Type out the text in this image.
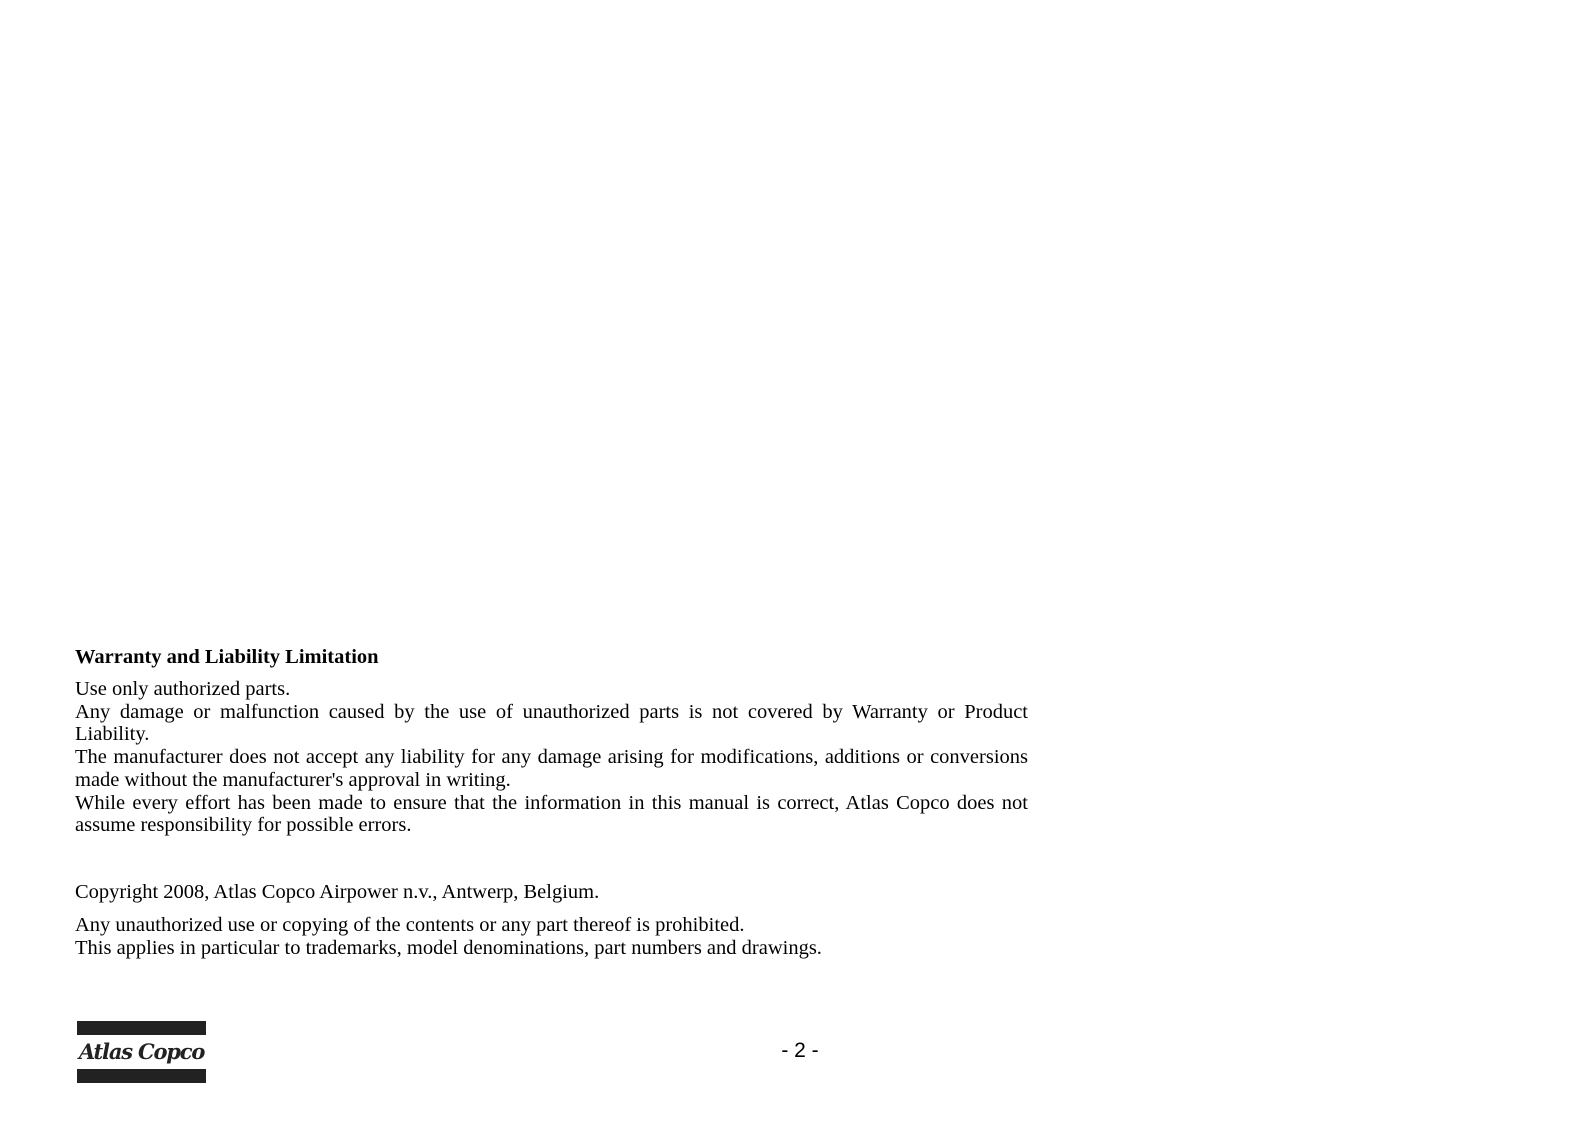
Warranty and Liability Limitation

Use only authorized parts.

Any damage or malfunction caused by the use of unauthorized parts is not covered by Warranty or Product Liability.

The manufacturer does not accept any liability for any damage arising for modifications, additions or conversions made without the manufacturer's approval in writing.

While every effort has been made to ensure that the information in this manual is correct, Atlas Copco does not assume responsibility for possible errors.

Copyright 2008, Atlas Copco Airpower n.v., Antwerp, Belgium.

Any unauthorized use or copying of the contents or any part thereof is prohibited.

This applies in particular to trademarks, model denominations, part numbers and drawings.

Atlas Copco	- 2 -
